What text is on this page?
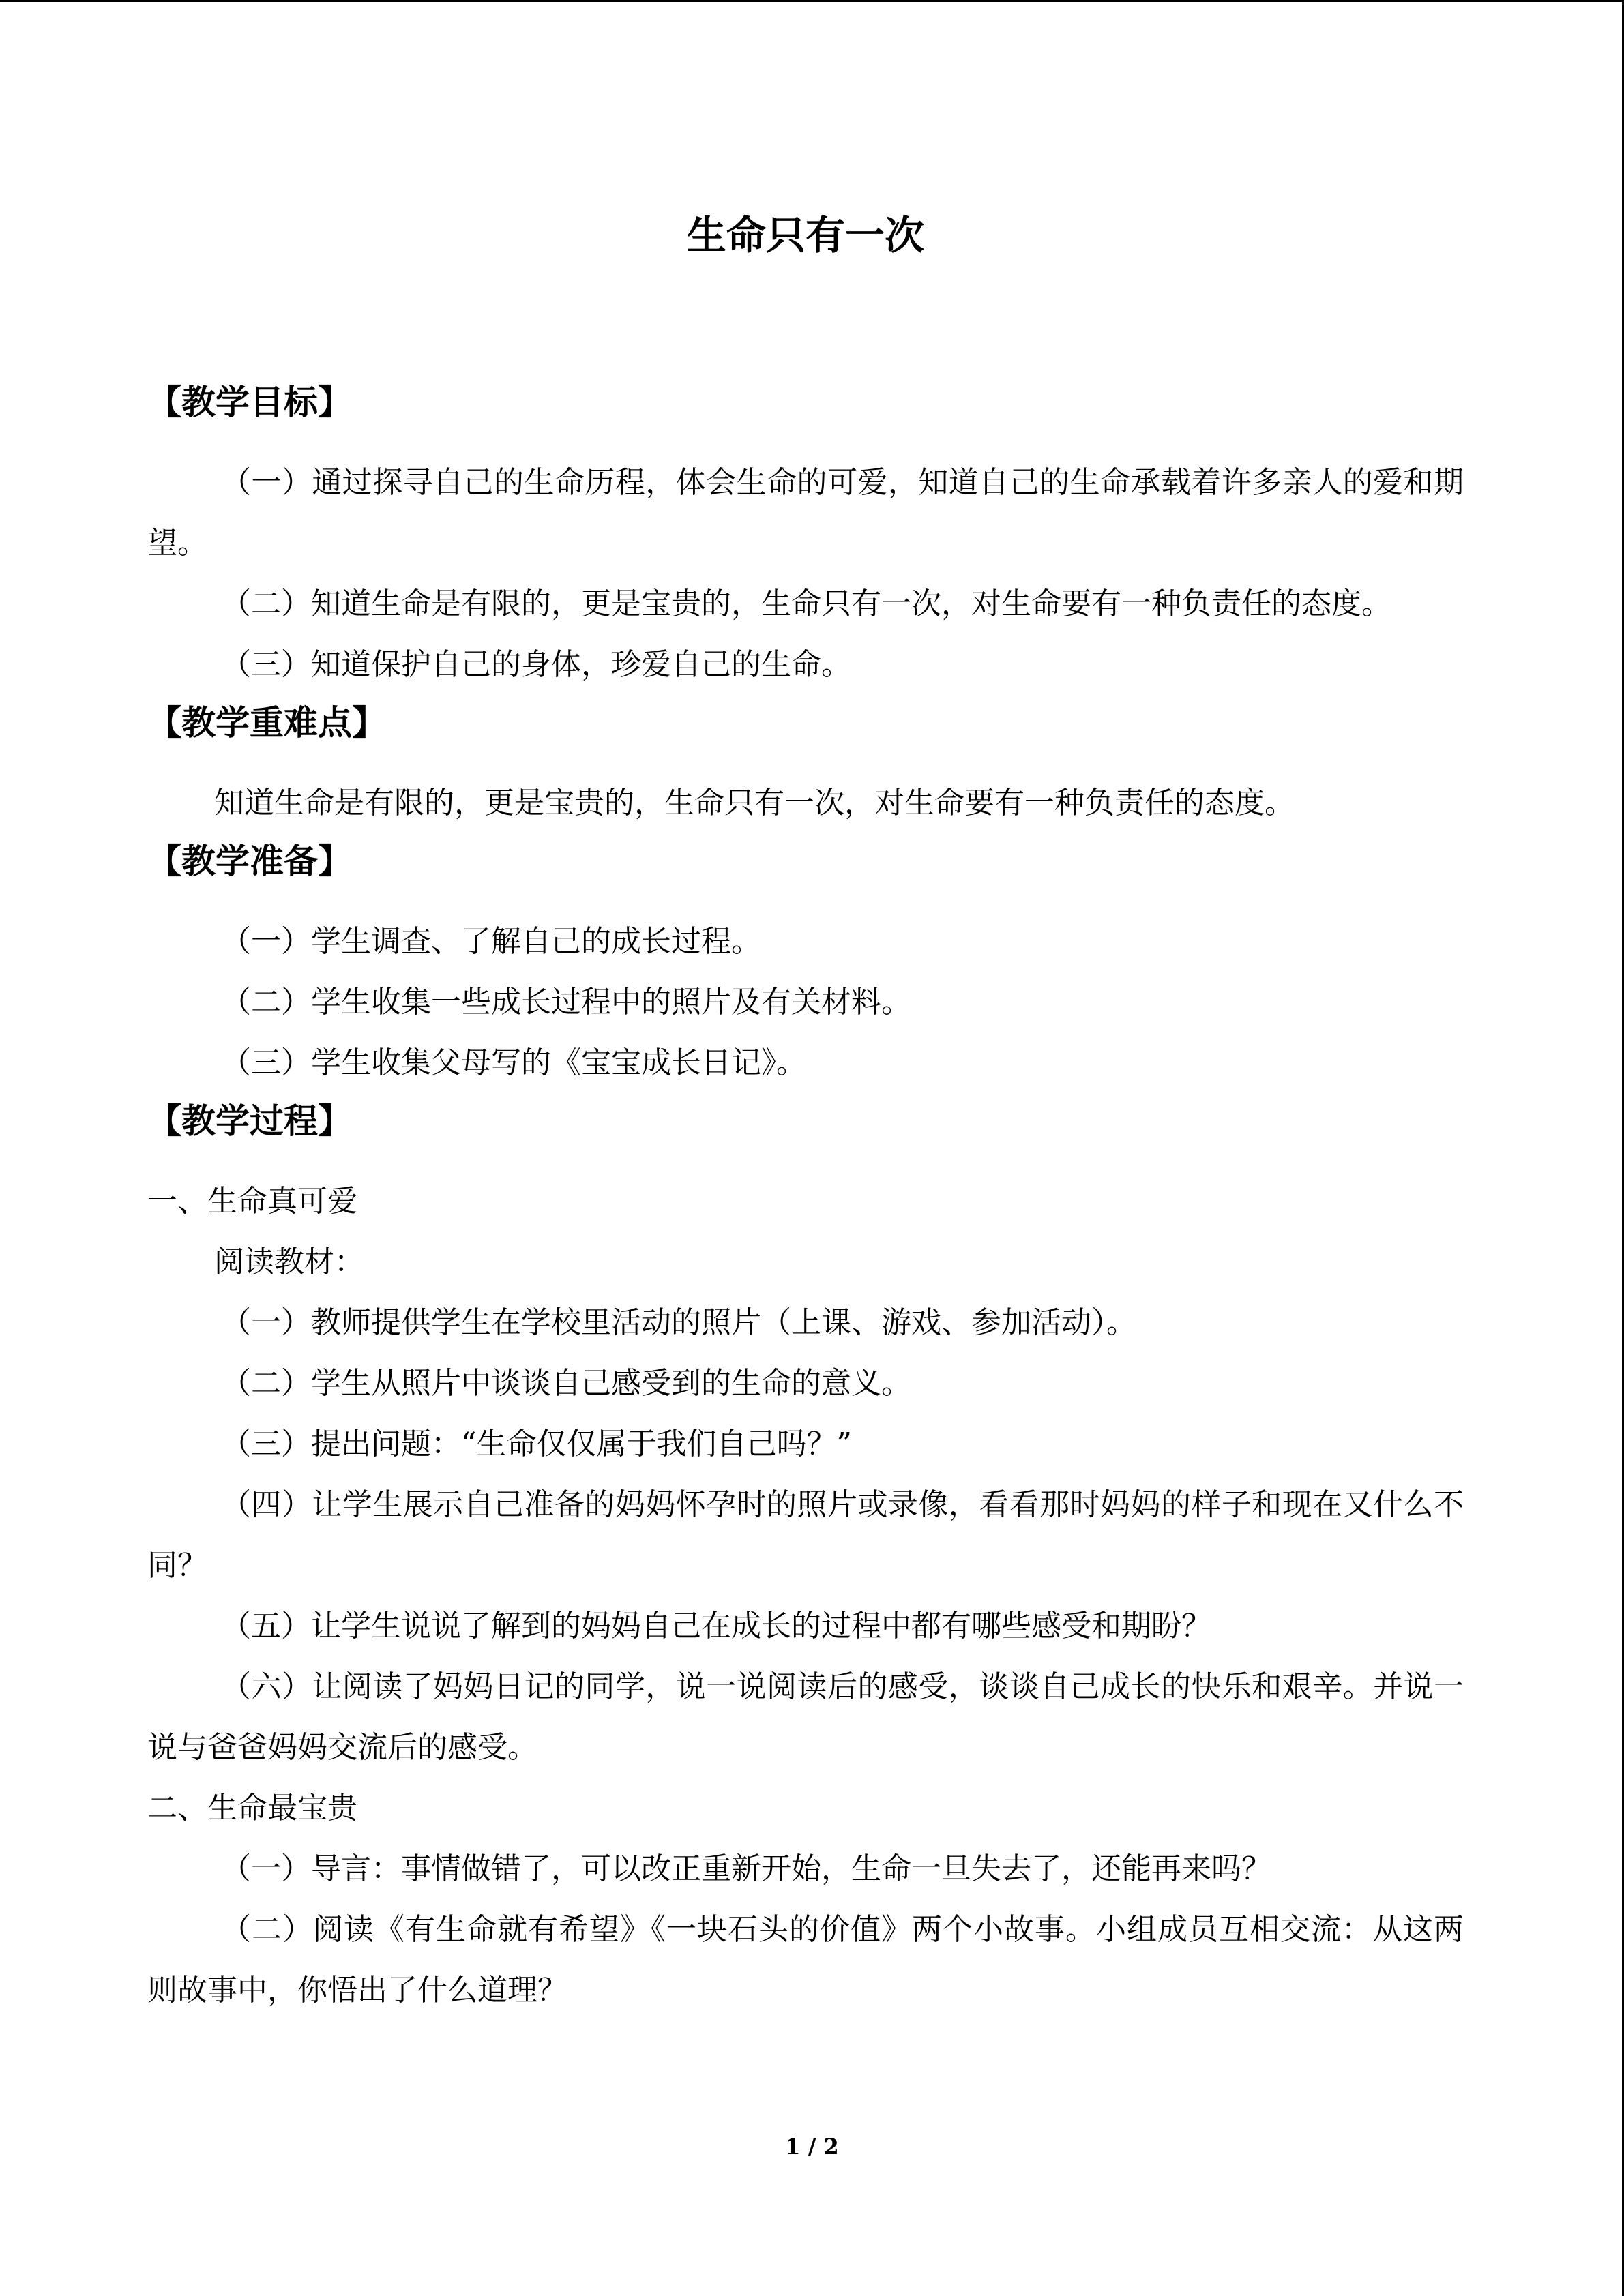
生命只有一次
【教学目标】

（一）通过探寻自己的生命历程，体会生命的可爱，知道自己的生命承载着许多亲人的爱和期望。

（二）知道生命是有限的，更是宝贵的，生命只有一次，对生命要有一种负责任的态度。

（三）知道保护自己的身体，珍爱自己的生命。

【教学重难点】

知道生命是有限的，更是宝贵的，生命只有一次，对生命要有一种负责任的态度。

【教学准备】

（一）学生调查、了解自己的成长过程。

（二）学生收集一些成长过程中的照片及有关材料。

（三）学生收集父母写的《宝宝成长日记》。

【教学过程】

一、生命真可爱

阅读教材：

（一）教师提供学生在学校里活动的照片（上课、游戏、参加活动）。

（二）学生从照片中谈谈自己感受到的生命的意义。

（三）提出问题：“生命仅仅属于我们自己吗？”

（四）让学生展示自己准备的妈妈怀孕时的照片或录像，看看那时妈妈的样子和现在又什么不同？

（五）让学生说说了解到的妈妈自己在成长的过程中都有哪些感受和期盼？

（六）让阅读了妈妈日记的同学，说一说阅读后的感受，谈谈自己成长的快乐和艰辛。并说一说与爸爸妈妈交流后的感受。

二、生命最宝贵

（一）导言：事情做错了，可以改正重新开始，生命一旦失去了，还能再来吗？

（二）阅读《有生命就有希望》《一块石头的价值》两个小故事。小组成员互相交流：从这两则故事中，你悟出了什么道理？

1 / 2
